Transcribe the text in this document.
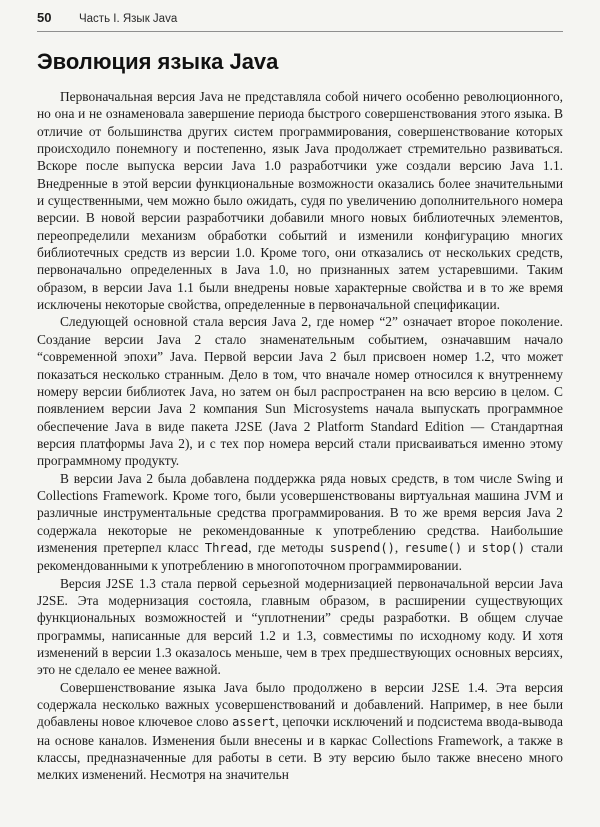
50	Часть I. Язык Java
Эволюция языка Java

Первоначальная версия Java не представляла собой ничего особенно революционного, но она и не ознаменовала завершение периода быстрого совершенствования этого языка. В отличие от большинства других систем программирования, совершенствование которых происходило понемногу и постепенно, язык Java продолжает стремительно развиваться. Вскоре после выпуска версии Java 1.0 разработчики уже создали версию Java 1.1. Внедренные в этой версии функциональные возможности оказались более значительными и существенными, чем можно было ожидать, судя по увеличению дополнительного номера версии. В новой версии разработчики добавили много новых библиотечных элементов, переопределили механизм обработки событий и изменили конфигурацию многих библиотечных средств из версии 1.0. Кроме того, они отказались от нескольких средств, первоначально определенных в Java 1.0, но признанных затем устаревшими. Таким образом, в версии Java 1.1 были внедрены новые характерные свойства и в то же время исключены некоторые свойства, определенные в первоначальной спецификации.

Следующей основной стала версия Java 2, где номер “2” означает второе поколение. Создание версии Java 2 стало знаменательным событием, означавшим начало “современной эпохи” Java. Первой версии Java 2 был присвоен номер 1.2, что может показаться несколько странным. Дело в том, что вначале номер относился к внутреннему номеру версии библиотек Java, но затем он был распространен на всю версию в целом. С появлением версии Java 2 компания Sun Microsystems начала выпускать программное обеспечение Java в виде пакета J2SE (Java 2 Platform Standard Edition — Стандартная версия платформы Java 2), и с тех пор номера версий стали присваиваться именно этому программному продукту.

В версии Java 2 была добавлена поддержка ряда новых средств, в том числе Swing и Collections Framework. Кроме того, были усовершенствованы виртуальная машина JVM и различные инструментальные средства программирования. В то же время версия Java 2 содержала некоторые не рекомендованные к употреблению средства. Наибольшие изменения претерпел класс Thread, где методы suspend(), resume() и stop() стали рекомендованными к употреблению в многопоточном программировании.

Версия J2SE 1.3 стала первой серьезной модернизацией первоначальной версии Java J2SE. Эта модернизация состояла, главным образом, в расширении существующих функциональных возможностей и “уплотнении” среды разработки. В общем случае программы, написанные для версий 1.2 и 1.3, совместимы по исходному коду. И хотя изменений в версии 1.3 оказалось меньше, чем в трех предшествующих основных версиях, это не сделало ее менее важной.

Совершенствование языка Java было продолжено в версии J2SE 1.4. Эта версия содержала несколько важных усовершенствований и добавлений. Например, в нее были добавлены новое ключевое слово assert, цепочки исключений и подсистема ввода-вывода на основе каналов. Изменения были внесены и в каркас Collections Framework, а также в классы, предназначенные для работы в сети. В эту версию было также внесено много мелких изменений. Несмотря на значительн
